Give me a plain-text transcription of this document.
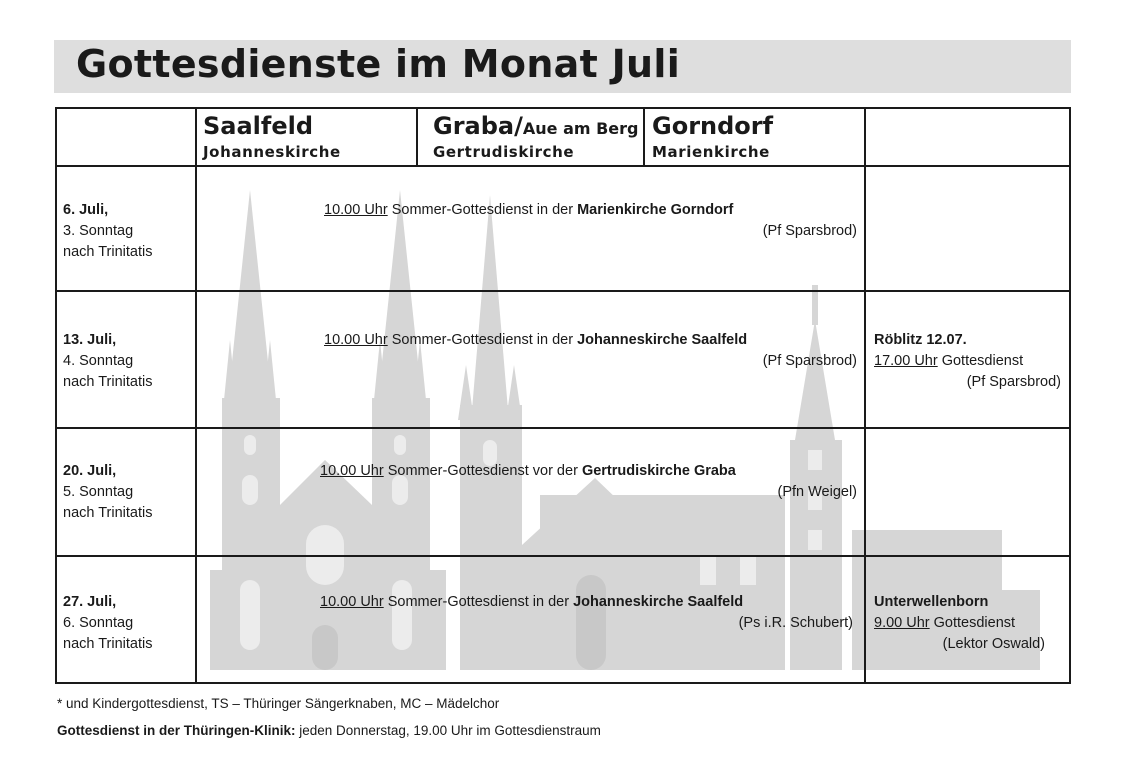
Gottesdienste im Monat Juli
Saalfeld
Johanneskirche
Graba/Aue am Berg
Gertrudiskirche
Gorndorf
Marienkirche
6. Juli,
3. Sonntag
nach Trinitatis
10.00 Uhr Sommer-Gottesdienst in der Marienkirche Gorndorf
(Pf Sparsbrod)
13. Juli,
4. Sonntag
nach Trinitatis
10.00 Uhr Sommer-Gottesdienst in der Johanneskirche Saalfeld
(Pf Sparsbrod)
Röblitz 12.07.
17.00 Uhr Gottesdienst
(Pf Sparsbrod)
20. Juli,
5. Sonntag
nach Trinitatis
10.00 Uhr Sommer-Gottesdienst vor der Gertrudiskirche Graba
(Pfn Weigel)
27. Juli,
6. Sonntag
nach Trinitatis
10.00 Uhr Sommer-Gottesdienst in der Johanneskirche Saalfeld
(Ps i.R. Schubert)
Unterwellenborn
9.00 Uhr Gottesdienst
(Lektor Oswald)
* und Kindergottesdienst, TS – Thüringer Sängerknaben, MC – Mädelchor
Gottesdienst in der Thüringen-Klinik: jeden Donnerstag, 19.00 Uhr im Gottesdienstraum
